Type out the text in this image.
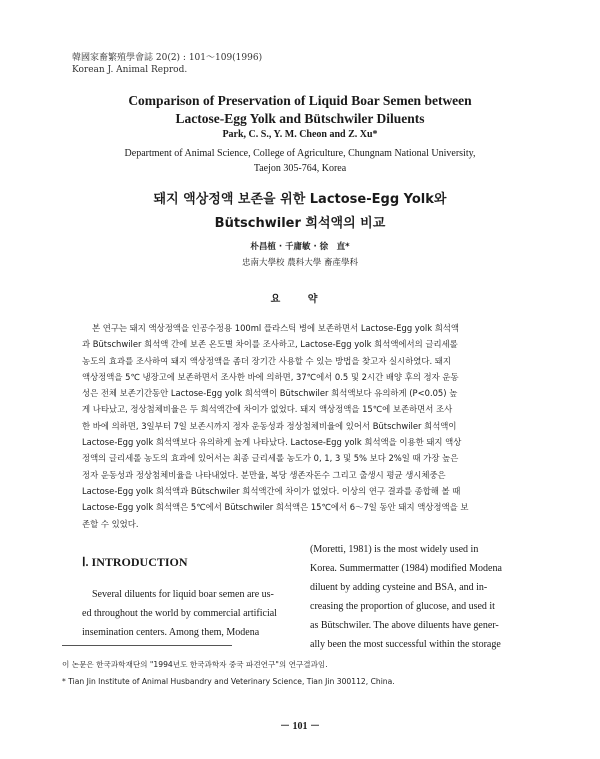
韓國家畜繁殖學會誌 20(2) : 101～109(1996)
Korean J. Animal Reprod.
Comparison of Preservation of Liquid Boar Semen between
Lactose-Egg Yolk and Bütschwiler Diluents
Park, C. S., Y. M. Cheon and Z. Xu*
Department of Animal Science, College of Agriculture, Chungnam National University,
Taejon 305-764, Korea
돼지 액상정액 보존을 위한 Lactose-Egg Yolk와
Bütschwiler 희석액의 비교
朴昌植 · 千庸敏 · 徐　直*
忠南大學校 農科大學 畜產學科
요 약
본 연구는 돼지 액상정액을 인공수정용 100ml 플라스틱 병에 보존하면서 Lactose-Egg yolk 희석액
과 Bütschwiler 희석액 간에 보존 온도별 차이를 조사하고, Lactose-Egg yolk 희석액에서의 글리세롤
농도의 효과를 조사하여 돼지 액상정액을 좀더 장기간 사용할 수 있는 방법을 찾고자 실시하였다. 돼지
액상정액을 5℃ 냉장고에 보존하면서 조사한 바에 의하면, 37℃에서 0.5 및 2시간 배양 후의 정자 운동
성은 전체 보존기간동안 Lactose-Egg yolk 희석액이 Bütschwiler 희석액보다 유의하게 (P<0.05) 높
게 나타났고, 정상첨체비율은 두 희석액간에 차이가 없었다. 돼지 액상정액을 15℃에 보존하면서 조사
한 바에 의하면, 3일부터 7일 보존시까지 정자 운동성과 정상첨체비율에 있어서 Bütschwiler 희석액이
Lactose-Egg yolk 희석액보다 유의하게 높게 나타났다. Lactose-Egg yolk 희석액을 이용한 돼지 액상
정액의 글리세롤 농도의 효과에 있어서는 최종 글리세롤 농도가 0, 1, 3 및 5% 보다 2%일 때 가장 높은
정자 운동성과 정상첨체비율을 나타내었다. 분만율, 복당 생존자돈수 그리고 출생시 평균 생시체중은
Lactose-Egg yolk 희석액과 Bütschwiler 희석액간에 차이가 없었다. 이상의 연구 결과를 종합해 볼 때
Lactose-Egg yolk 희석액은 5℃에서 Bütschwiler 희석액은 15℃에서 6～7일 동안 돼지 액상정액을 보
존할 수 있었다.
Ⅰ. INTRODUCTION
Several diluents for liquid boar semen are us-
ed throughout the world by commercial artificial
insemination centers. Among them, Modena
(Moretti, 1981) is the most widely used in
Korea. Summermatter (1984) modified Modena
diluent by adding cysteine and BSA, and in-
creasing the proportion of glucose, and used it
as Bütschwiler. The above diluents have gener-
ally been the most successful within the storage
이 논문은 한국과학재단의 "1994년도 한국과학자 중국 파견연구"의 연구결과임.
* Tian Jin Institute of Animal Husbandry and Veterinary Science, Tian Jin 300112, China.
－ 101 －
